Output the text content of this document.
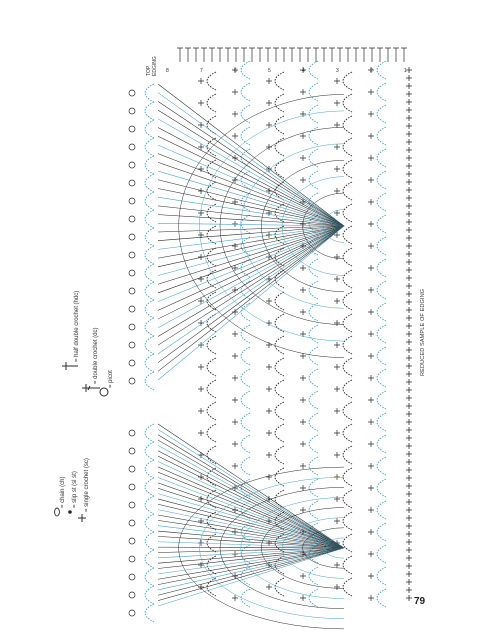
1
2
3
4
5
6
7
8
= chain (ch) = slip st (sl st) = single crochet (sc)
= half double crochet (hdc) = double crochet (dc) = picot
REDUCED SAMPLE OF EDGING
TOP EDGING
79
